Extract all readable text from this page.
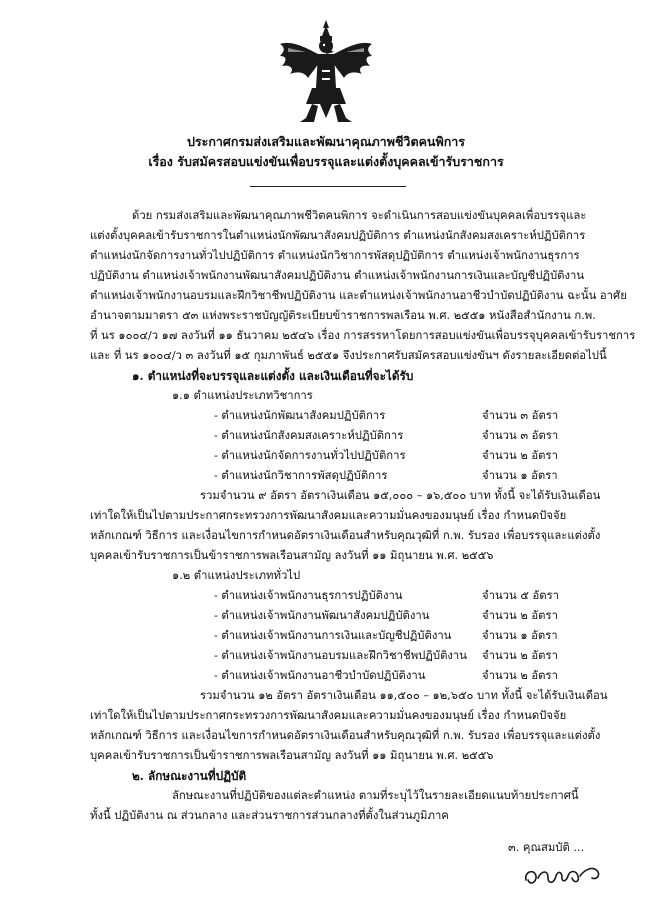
ประกาศกรมส่งเสริมและพัฒนาคุณภาพชีวิตคนพิการ
เรื่อง รับสมัครสอบแข่งขันเพื่อบรรจุและแต่งตั้งบุคคลเข้ารับราชการ
ด้วย กรมส่งเสริมและพัฒนาคุณภาพชีวิตคนพิการ จะดำเนินการสอบแข่งขันบุคคลเพื่อบรรจุและ
แต่งตั้งบุคคลเข้ารับราชการในตำแหน่งนักพัฒนาสังคมปฏิบัติการ ตำแหน่งนักสังคมสงเคราะห์ปฏิบัติการ
ตำแหน่งนักจัดการงานทั่วไปปฏิบัติการ ตำแหน่งนักวิชาการพัสดุปฏิบัติการ ตำแหน่งเจ้าพนักงานธุรการ
ปฏิบัติงาน ตำแหน่งเจ้าพนักงานพัฒนาสังคมปฏิบัติงาน ตำแหน่งเจ้าพนักงานการเงินและบัญชีปฏิบัติงาน
ตำแหน่งเจ้าพนักงานอบรมและฝึกวิชาชีพปฏิบัติงาน และตำแหน่งเจ้าพนักงานอาชีวบำบัดปฏิบัติงาน ฉะนั้น อาศัย
อำนาจตามมาตรา ๕๓ แห่งพระราชบัญญัติระเบียบข้าราชการพลเรือน พ.ศ. ๒๕๕๑ หนังสือสำนักงาน ก.พ.
ที่ นร ๑๐๐๔/ว ๑๗ ลงวันที่ ๑๑ ธันวาคม ๒๕๔๖ เรื่อง การสรรหาโดยการสอบแข่งขันเพื่อบรรจุบุคคลเข้ารับราชการ
และ ที่ นร ๑๐๐๔/ว ๓ ลงวันที่ ๑๕ กุมภาพันธ์ ๒๕๕๑ จึงประกาศรับสมัครสอบแข่งขันฯ ดังรายละเอียดต่อไปนี้
๑. ตำแหน่งที่จะบรรจุและแต่งตั้ง และเงินเดือนที่จะได้รับ
๑.๑ ตำแหน่งประเภทวิชาการ
- ตำแหน่งนักพัฒนาสังคมปฏิบัติการ	จำนวน ๓ อัตรา
- ตำแหน่งนักสังคมสงเคราะห์ปฏิบัติการ	จำนวน ๓ อัตรา
- ตำแหน่งนักจัดการงานทั่วไปปฏิบัติการ	จำนวน ๒ อัตรา
- ตำแหน่งนักวิชาการพัสดุปฏิบัติการ	จำนวน ๑ อัตรา
รวมจำนวน ๙ อัตรา อัตราเงินเดือน ๑๕,๐๐๐ – ๑๖,๕๐๐ บาท ทั้งนี้ จะได้รับเงินเดือน
เท่าใดให้เป็นไปตามประกาศกระทรวงการพัฒนาสังคมและความมั่นคงของมนุษย์ เรื่อง กำหนดปัจจัย
หลักเกณฑ์ วิธีการ และเงื่อนไขการกำหนดอัตราเงินเดือนสำหรับคุณวุฒิที่ ก.พ. รับรอง เพื่อบรรจุและแต่งตั้ง
บุคคลเข้ารับราชการเป็นข้าราชการพลเรือนสามัญ ลงวันที่ ๑๑ มิถุนายน พ.ศ. ๒๕๕๖
๑.๒ ตำแหน่งประเภททั่วไป
- ตำแหน่งเจ้าพนักงานธุรการปฏิบัติงาน	จำนวน ๕ อัตรา
- ตำแหน่งเจ้าพนักงานพัฒนาสังคมปฏิบัติงาน	จำนวน ๒ อัตรา
- ตำแหน่งเจ้าพนักงานการเงินและบัญชีปฏิบัติงาน	จำนวน ๑ อัตรา
- ตำแหน่งเจ้าพนักงานอบรมและฝึกวิชาชีพปฏิบัติงาน จำนวน ๒ อัตรา
- ตำแหน่งเจ้าพนักงานอาชีวบำบัดปฏิบัติงาน	จำนวน ๒ อัตรา
รวมจำนวน ๑๒ อัตรา อัตราเงินเดือน ๑๑,๕๐๐ – ๑๒,๖๕๐ บาท ทั้งนี้ จะได้รับเงินเดือน
เท่าใดให้เป็นไปตามประกาศกระทรวงการพัฒนาสังคมและความมั่นคงของมนุษย์ เรื่อง กำหนดปัจจัย
หลักเกณฑ์ วิธีการ และเงื่อนไขการกำหนดอัตราเงินเดือนสำหรับคุณวุฒิที่ ก.พ. รับรอง เพื่อบรรจุและแต่งตั้ง
บุคคลเข้ารับราชการเป็นข้าราชการพลเรือนสามัญ ลงวันที่ ๑๑ มิถุนายน พ.ศ. ๒๕๕๖
๒. ลักษณะงานที่ปฏิบัติ
ลักษณะงานที่ปฏิบัติของแต่ละตำแหน่ง ตามที่ระบุไว้ในรายละเอียดแนบท้ายประกาศนี้
ทั้งนี้ ปฏิบัติงาน ณ ส่วนกลาง และส่วนราชการส่วนกลางที่ตั้งในส่วนภูมิภาค
๓. คุณสมบัติ ...
